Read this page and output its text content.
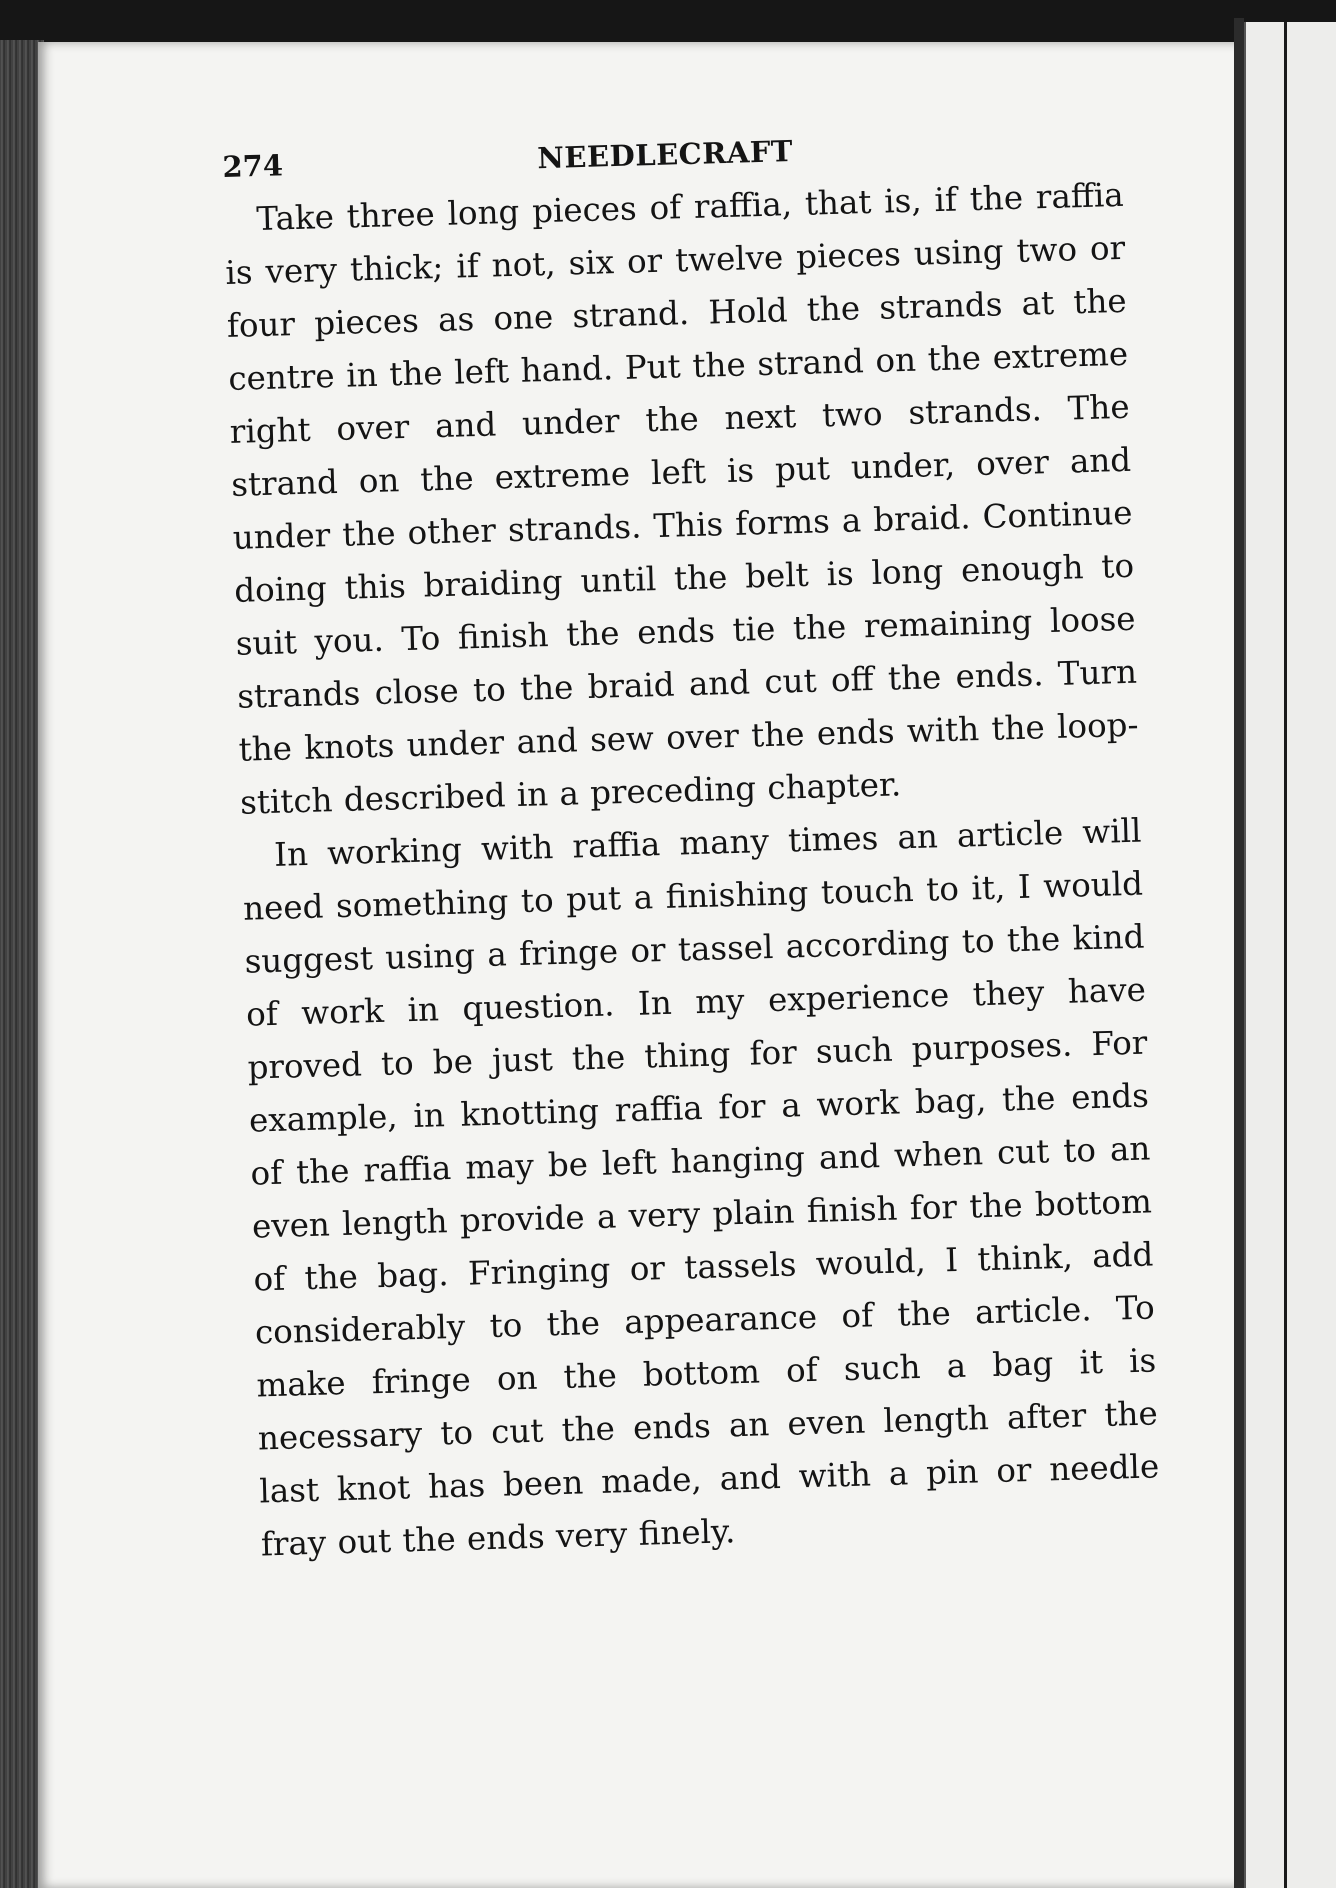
274	NEEDLECRAFT

 Take three long pieces of raffia, that is, if the raffia is very thick; if not, six or twelve pieces using two or four pieces as one strand. Hold the strands at the centre in the left hand. Put the strand on the extreme right over and under the next two strands. The strand on the extreme left is put under, over and under the other strands. This forms a braid. Continue doing this braiding until the belt is long enough to suit you. To finish the ends tie the remaining loose strands close to the braid and cut off the ends. Turn the knots under and sew over the ends with the loop-stitch described in a preceding chapter.

 In working with raffia many times an article will need something to put a finishing touch to it, I would suggest using a fringe or tassel according to the kind of work in question. In my experience they have proved to be just the thing for such purposes. For example, in knotting raffia for a work bag, the ends of the raffia may be left hanging and when cut to an even length provide a very plain finish for the bottom of the bag. Fringing or tassels would, I think, add considerably to the appearance of the article. To make fringe on the bottom of such a bag it is necessary to cut the ends an even length after the last knot has been made, and with a pin or needle fray out the ends very finely.
